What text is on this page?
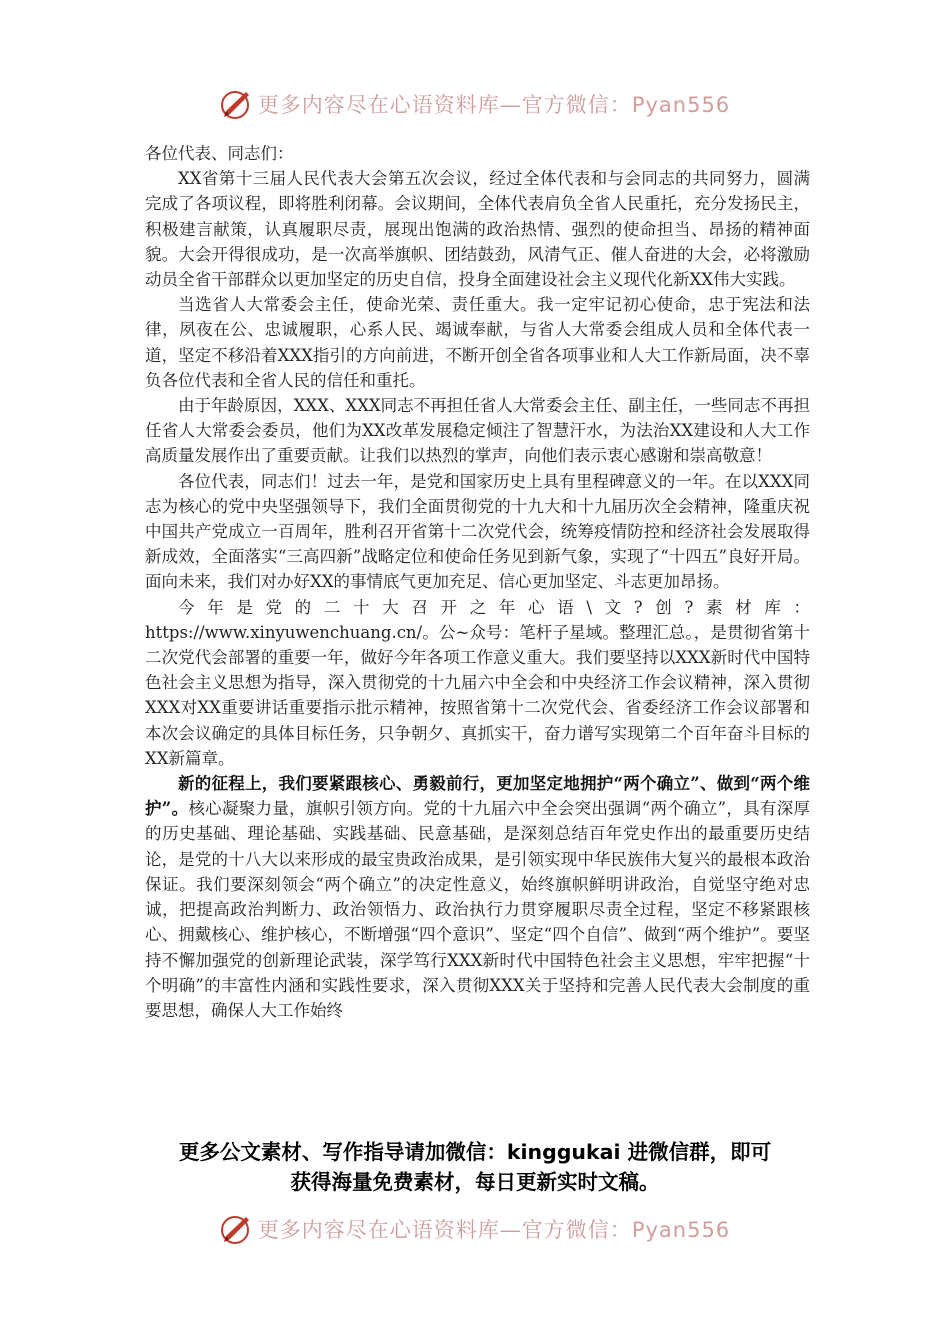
更多内容尽在心语资料库—官方微信：Pyan556

各位代表、同志们：

XX省第十三届人民代表大会第五次会议，经过全体代表和与会同志的共同努力，圆满完成了各项议程，即将胜利闭幕。会议期间，全体代表肩负全省人民重托，充分发扬民主，积极建言献策，认真履职尽责，展现出饱满的政治热情、强烈的使命担当、昂扬的精神面貌。大会开得很成功，是一次高举旗帜、团结鼓劲，风清气正、催人奋进的大会，必将激励动员全省干部群众以更加坚定的历史自信，投身全面建设社会主义现代化新XX伟大实践。

当选省人大常委会主任，使命光荣、责任重大。我一定牢记初心使命，忠于宪法和法律，夙夜在公、忠诚履职，心系人民、竭诚奉献，与省人大常委会组成人员和全体代表一道，坚定不移沿着XXX指引的方向前进，不断开创全省各项事业和人大工作新局面，决不辜负各位代表和全省人民的信任和重托。

由于年龄原因，XXX、XXX同志不再担任省人大常委会主任、副主任，一些同志不再担任省人大常委会委员，他们为XX改革发展稳定倾注了智慧汗水，为法治XX建设和人大工作高质量发展作出了重要贡献。让我们以热烈的掌声，向他们表示衷心感谢和崇高敬意！

各位代表，同志们！过去一年，是党和国家历史上具有里程碑意义的一年。在以XXX同志为核心的党中央坚强领导下，我们全面贯彻党的十九大和十九届历次全会精神，隆重庆祝中国共产党成立一百周年，胜利召开省第十二次党代会，统筹疫情防控和经济社会发展取得新成效，全面落实“三高四新”战略定位和使命任务见到新气象，实现了“十四五”良好开局。面向未来，我们对办好XX的事情底气更加充足、信心更加坚定、斗志更加昂扬。

今年是党的二十大召开之年心语\文?创?素材库：https://www.xinyuwenchuang.cn/。公~众号：笔杆子星域。整理汇总。，是贯彻省第十二次党代会部署的重要一年，做好今年各项工作意义重大。我们要坚持以XXX新时代中国特色社会主义思想为指导，深入贯彻党的十九届六中全会和中央经济工作会议精神，深入贯彻XXX对XX重要讲话重要指示批示精神，按照省第十二次党代会、省委经济工作会议部署和本次会议确定的具体目标任务，只争朝夕、真抓实干，奋力谱写实现第二个百年奋斗目标的XX新篇章。

新的征程上，我们要紧跟核心、勇毅前行，更加坚定地拥护“两个确立”、做到“两个维护”。核心凝聚力量，旗帜引领方向。党的十九届六中全会突出强调“两个确立”，具有深厚的历史基础、理论基础、实践基础、民意基础，是深刻总结百年党史作出的最重要历史结论，是党的十八大以来形成的最宝贵政治成果，是引领实现中华民族伟大复兴的最根本政治保证。我们要深刻领会“两个确立”的决定性意义，始终旗帜鲜明讲政治，自觉坚守绝对忠诚，把提高政治判断力、政治领悟力、政治执行力贯穿履职尽责全过程，坚定不移紧跟核心、拥戴核心、维护核心，不断增强“四个意识”、坚定“四个自信”、做到“两个维护”。要坚持不懈加强党的创新理论武装，深学笃行XXX新时代中国特色社会主义思想，牢牢把握“十个明确”的丰富性内涵和实践性要求，深入贯彻XXX关于坚持和完善人民代表大会制度的重要思想，确保人大工作始终

更多公文素材、写作指导请加微信：kinggukai 进微信群，即可
获得海量免费素材，每日更新实时文稿。
更多内容尽在心语资料库—官方微信：Pyan556
